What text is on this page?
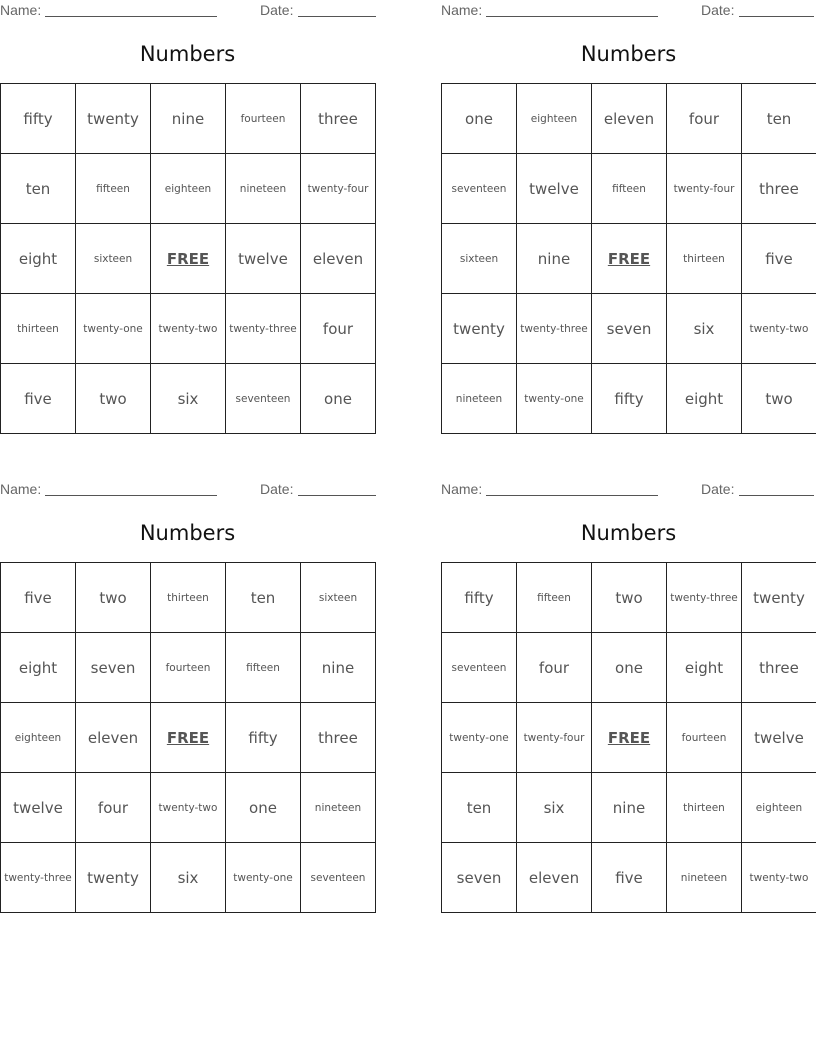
Name:	Date:
Numbers
fifty	twenty	nine	fourteen	three
ten	fifteen	eighteen	nineteen	twenty-four
eight	sixteen	FREE	twelve	eleven
thirteen	twenty-one	twenty-two	twenty-three	four
five	two	six	seventeen	one
Name:	Date:
Numbers
one	eighteen	eleven	four	ten
seventeen	twelve	fifteen	twenty-four	three
sixteen	nine	FREE	thirteen	five
twenty	twenty-three	seven	six	twenty-two
nineteen	twenty-one	fifty	eight	two
Name:	Date:
Numbers
five	two	thirteen	ten	sixteen
eight	seven	fourteen	fifteen	nine
eighteen	eleven	FREE	fifty	three
twelve	four	twenty-two	one	nineteen
twenty-three	twenty	six	twenty-one	seventeen
Name:	Date:
Numbers
fifty	fifteen	two	twenty-three	twenty
seventeen	four	one	eight	three
twenty-one	twenty-four	FREE	fourteen	twelve
ten	six	nine	thirteen	eighteen
seven	eleven	five	nineteen	twenty-two
